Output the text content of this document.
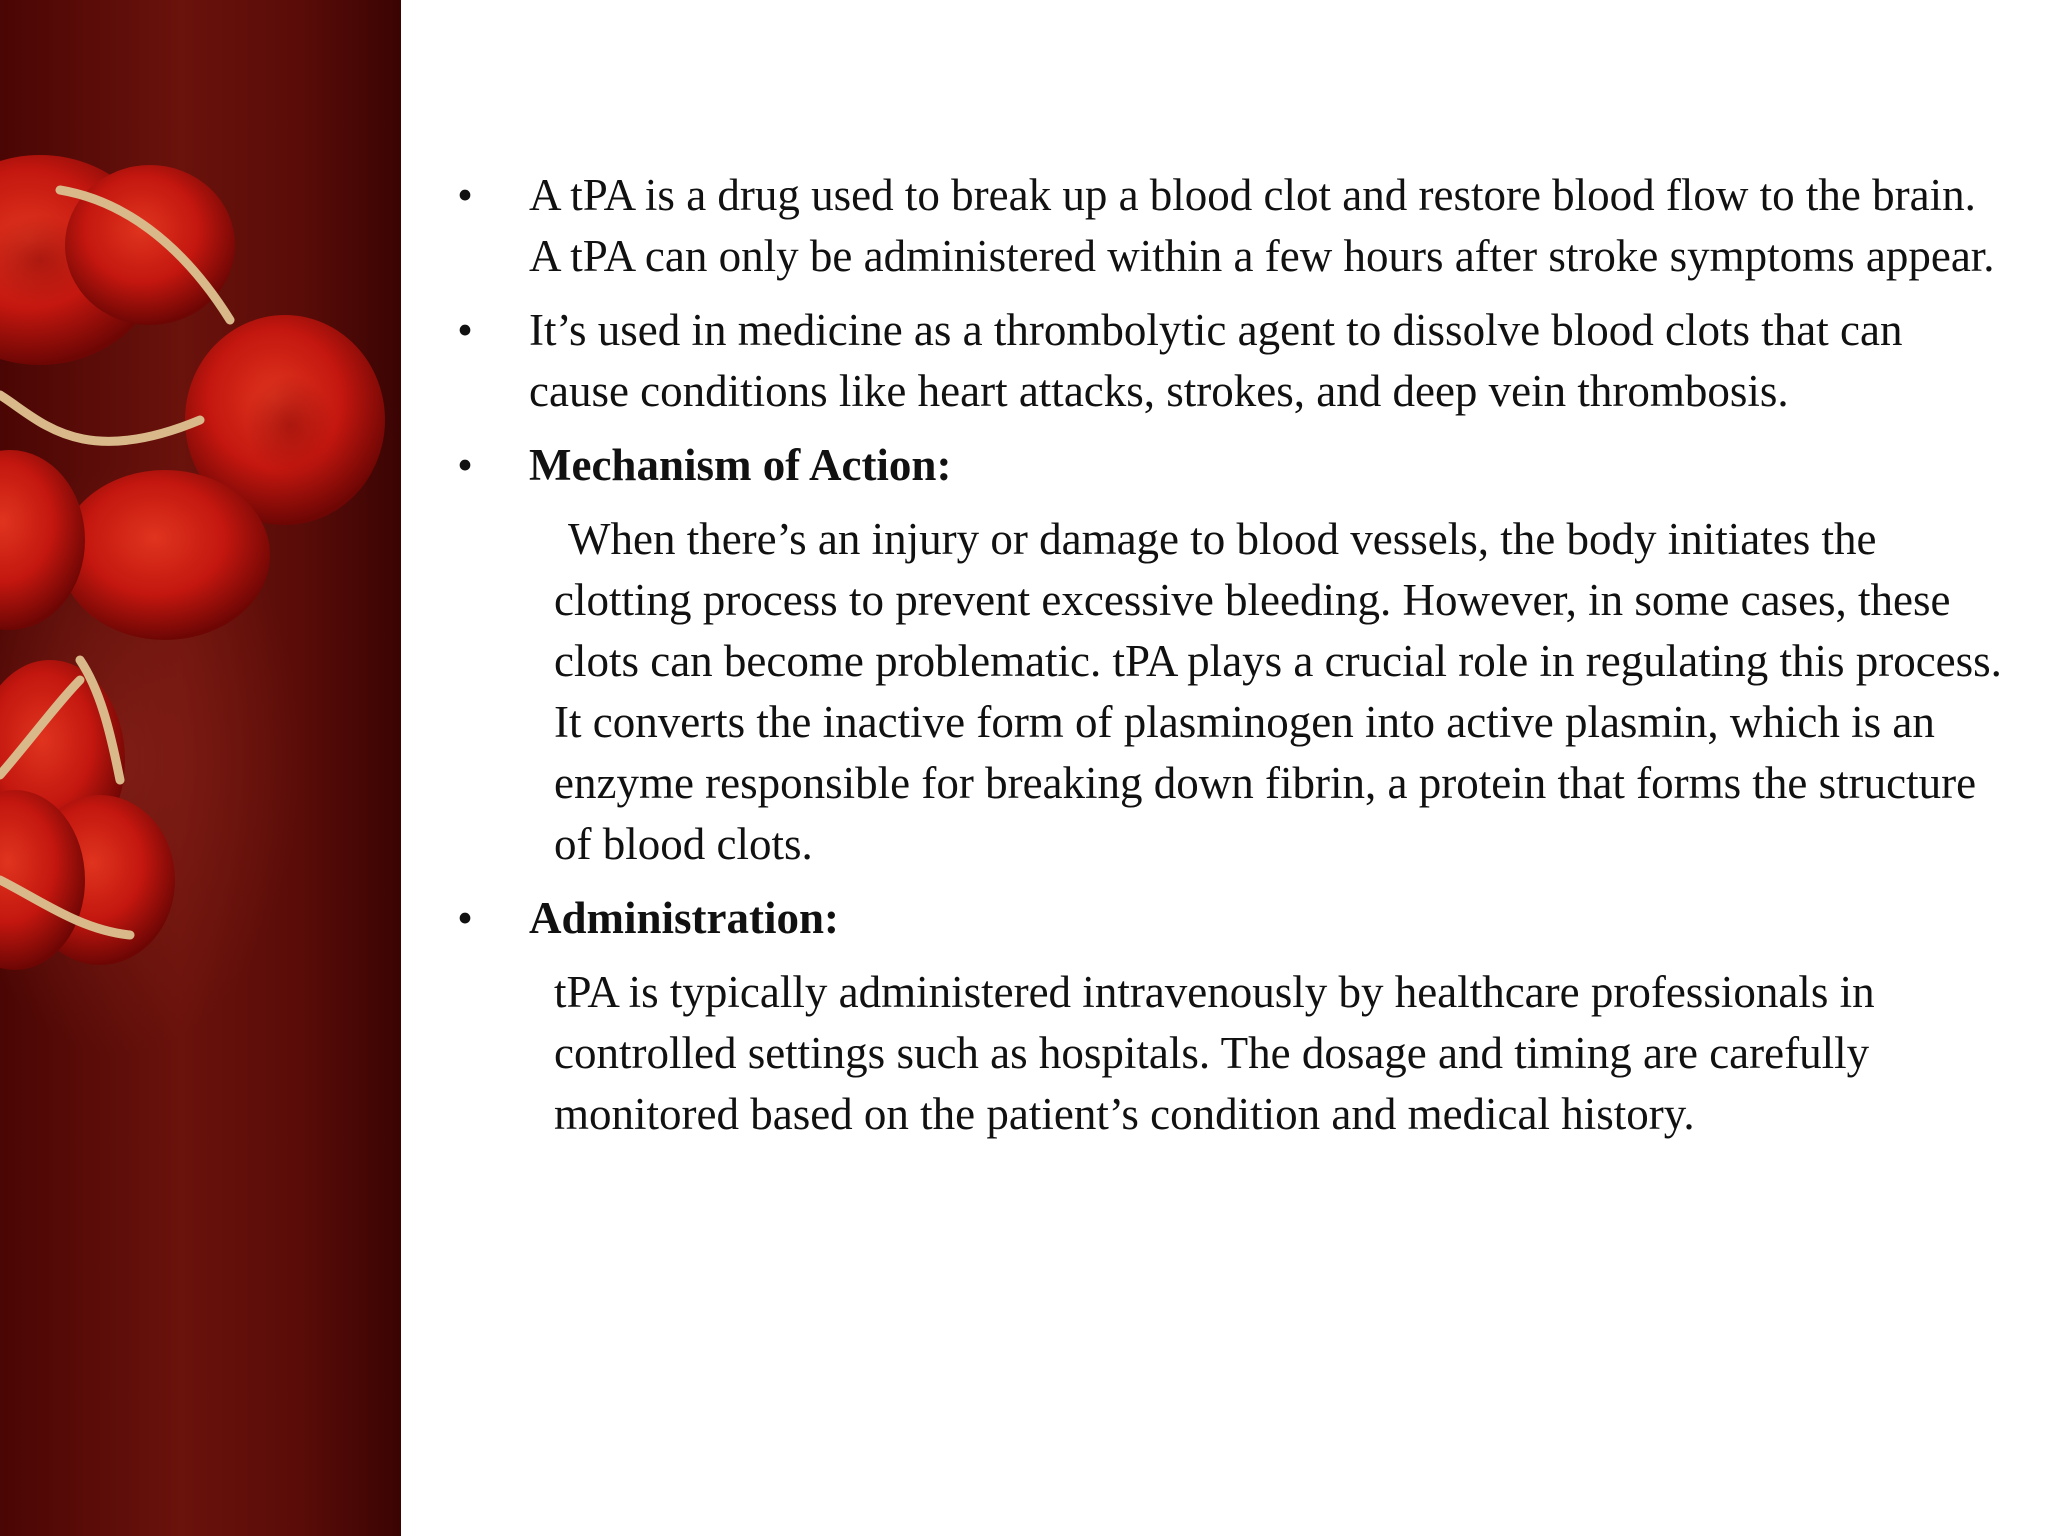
• A tPA is a drug used to break up a blood clot and restore blood flow to the brain. A tPA can only be administered within a few hours after stroke symptoms appear.
• It’s used in medicine as a thrombolytic agent to dissolve blood clots that can cause conditions like heart attacks, strokes, and deep vein thrombosis.
• Mechanism of Action:
When there’s an injury or damage to blood vessels, the body initiates the clotting process to prevent excessive bleeding. However, in some cases, these clots can become problematic. tPA plays a crucial role in regulating this process. It converts the inactive form of plasminogen into active plasmin, which is an enzyme responsible for breaking down fibrin, a protein that forms the structure of blood clots.
• Administration:
tPA is typically administered intravenously by healthcare professionals in controlled settings such as hospitals. The dosage and timing are carefully monitored based on the patient’s condition and medical history.
